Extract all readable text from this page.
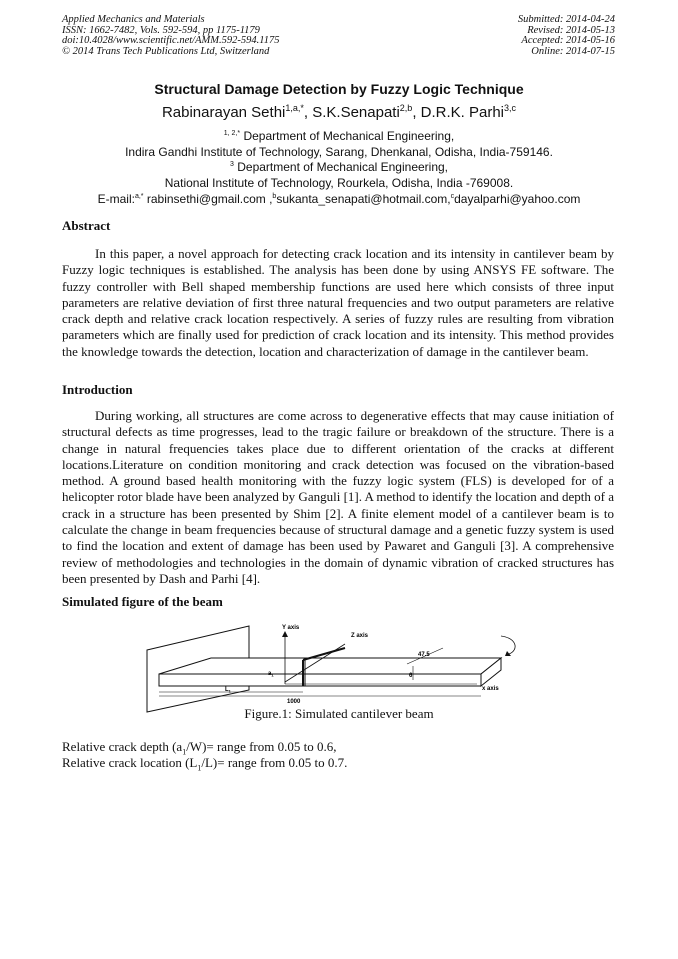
Applied Mechanics and Materials
ISSN: 1662-7482, Vols. 592-594, pp 1175-1179
doi:10.4028/www.scientific.net/AMM.592-594.1175
© 2014 Trans Tech Publications Ltd, Switzerland
Submitted: 2014-04-24
Revised: 2014-05-13
Accepted: 2014-05-16
Online: 2014-07-15
Structural Damage Detection by Fuzzy Logic Technique
Rabinarayan Sethi$^{1,a,*}$, S.K.Senapati$^{2,b}$, D.R.K. Parhi$^{3,c}$
$^{1, 2,*}$ Department of Mechanical Engineering,
Indira Gandhi Institute of Technology, Sarang, Dhenkanal, Odisha, India-759146.
$^3$ Department of Mechanical Engineering,
National Institute of Technology, Rourkela, Odisha, India -769008.
E-mail:$^{a,*}$ rabinsethi@gmail.com ,$^b$sukanta_senapati@hotmail.com,$^c$dayalparhi@yahoo.com
Abstract

In this paper, a novel approach for detecting crack location and its intensity in cantilever beam by Fuzzy logic techniques is established. The analysis has been done by using ANSYS FE software. The fuzzy controller with Bell shaped membership functions are used here which consists of three input parameters are relative deviation of first three natural frequencies and two output parameters are relative crack depth and relative crack location respectively. A series of fuzzy rules are resulting from vibration parameters which are finally used for prediction of crack location and its intensity. This method provides the knowledge towards the detection, location and characterization of damage in the cantilever beam.

Introduction

During working, all structures are come across to degenerative effects that may cause initiation of structural defects as time progresses, lead to the tragic failure or breakdown of the structure. There is a change in natural frequencies takes place due to different orientation of the cracks at different locations.Literature on condition monitoring and crack detection was focused on the vibration-based method. A ground based health monitoring with the fuzzy logic system (FLS) is developed for of a helicopter rotor blade have been analyzed by Ganguli [1]. A method to identify the location and depth of a crack in a structure has been presented by Shim [2]. A finite element model of a cantilever beam is to calculate the change in beam frequencies because of structural damage and a genetic fuzzy system is used to find the location and extent of damage has been used by Pawaret and Ganguli [3]. A comprehensive review of methodologies and technologies in the domain of dynamic vibration of cracked structures has been presented by Dash and Parhi [4].

Simulated figure of the beam
Y axis
Z axis
x axis
47.5
6
$a_1$
$L_1$
1000
Figure.1: Simulated cantilever beam
Relative crack depth $(a_1/W)=$ range from 0.05 to 0.6,
Relative crack location $(L_1/L)=$ range from 0.05 to 0.7.
